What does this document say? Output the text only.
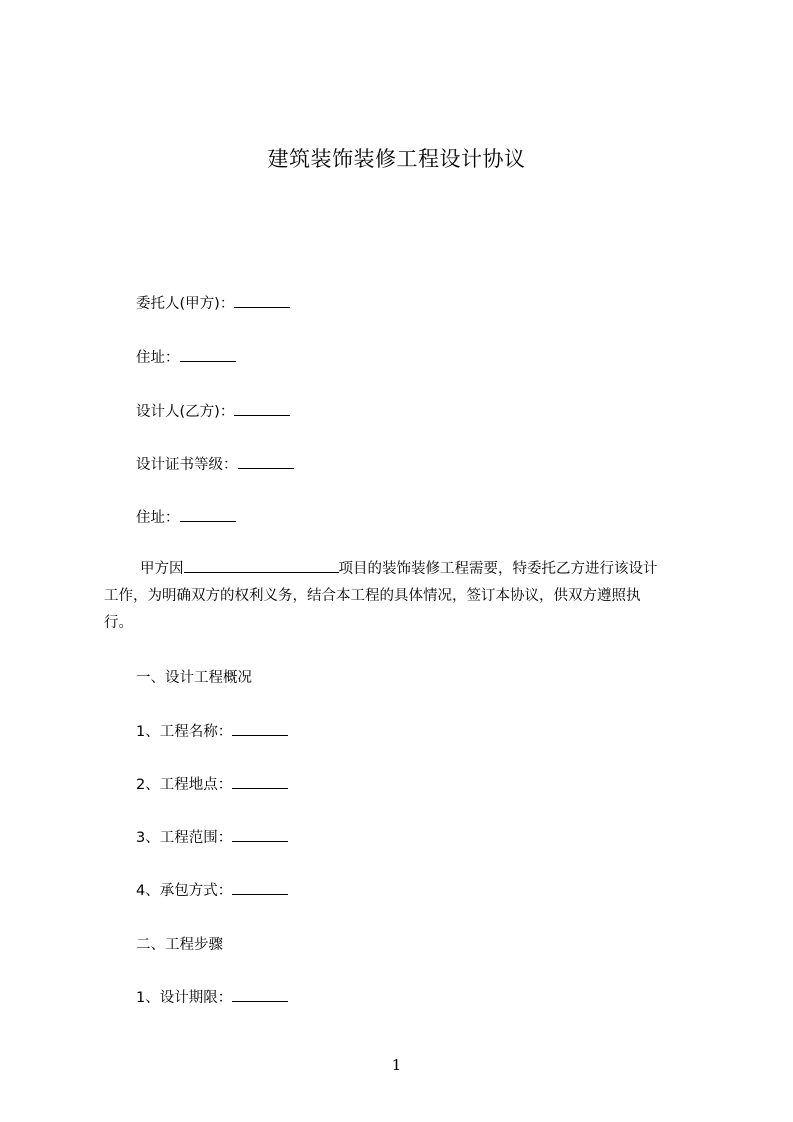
建筑装饰装修工程设计协议
委托人(甲方)：
住址：
设计人(乙方)：
设计证书等级：
住址：
甲方因	项目的装饰装修工程需要，特委托乙方进行该设计
工作，为明确双方的权利义务，结合本工程的具体情况，签订本协议，供双方遵照执
行。
一、设计工程概况
1、工程名称：
2、工程地点：
3、工程范围：
4、承包方式：
二、工程步骤
1、设计期限：
1
